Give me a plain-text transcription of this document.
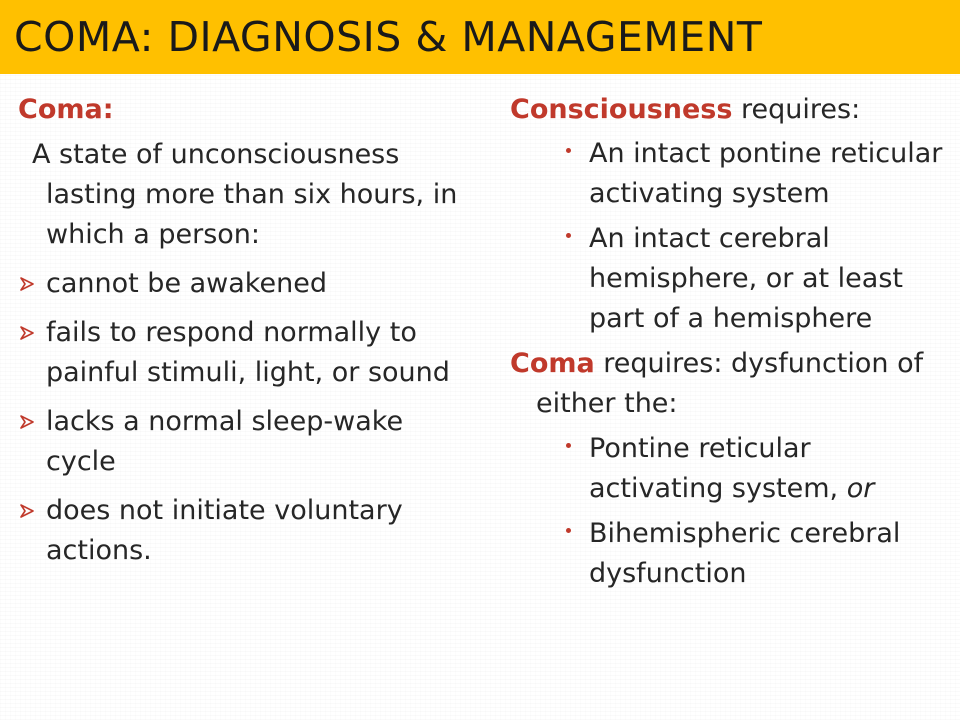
COMA: DIAGNOSIS & MANAGEMENT
Coma:
A state of unconsciousness lasting more than six hours, in which a person:
cannot be awakened
fails to respond normally to painful stimuli, light, or sound
lacks a normal sleep-wake cycle
does not initiate voluntary actions.
Consciousness requires:
An intact pontine reticular activating system
An intact cerebral hemisphere, or at least part of a hemisphere
Coma requires: dysfunction of either the:
Pontine reticular activating system, or
Bihemispheric cerebral dysfunction
